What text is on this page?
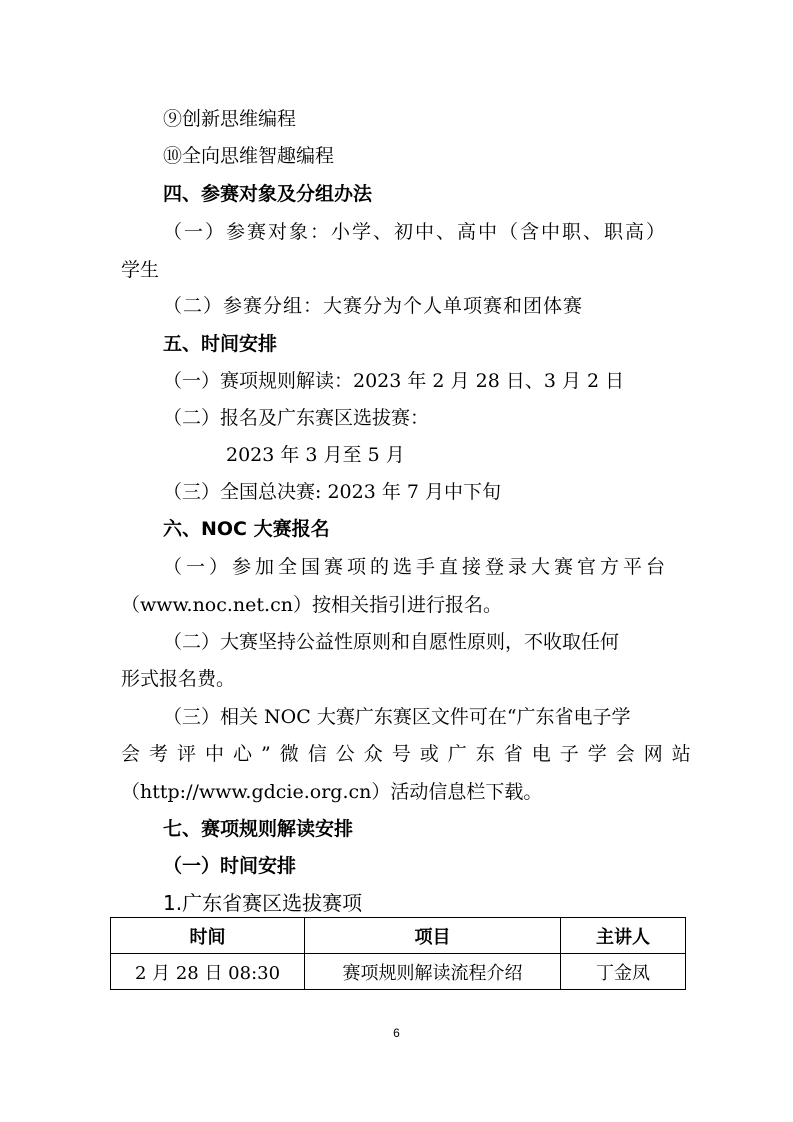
⑨创新思维编程
⑩全向思维智趣编程
四、参赛对象及分组办法
（一）参赛对象：小学、初中、高中（含中职、职高）
学生
（二）参赛分组：大赛分为个人单项赛和团体赛
五、时间安排
（一）赛项规则解读：2023 年 2 月 28 日、3 月 2 日
（二）报名及广东赛区选拔赛：
2023 年 3 月至 5 月
（三）全国总决赛: 2023 年 7 月中下旬
六、NOC 大赛报名
（一）参加全国赛项的选手直接登录大赛官方平台
（www.noc.net.cn）按相关指引进行报名。
（二）大赛坚持公益性原则和自愿性原则，不收取任何
形式报名费。
（三）相关 NOC 大赛广东赛区文件可在“广东省电子学
会考评中心”微信公众号或广东省电子学会网站
（http://www.gdcie.org.cn）活动信息栏下载。
七、赛项规则解读安排
（一）时间安排
1.广东省赛区选拔赛项
时间	项目	主讲人
2 月 28 日 08:30	赛项规则解读流程介绍	丁金凤
6
